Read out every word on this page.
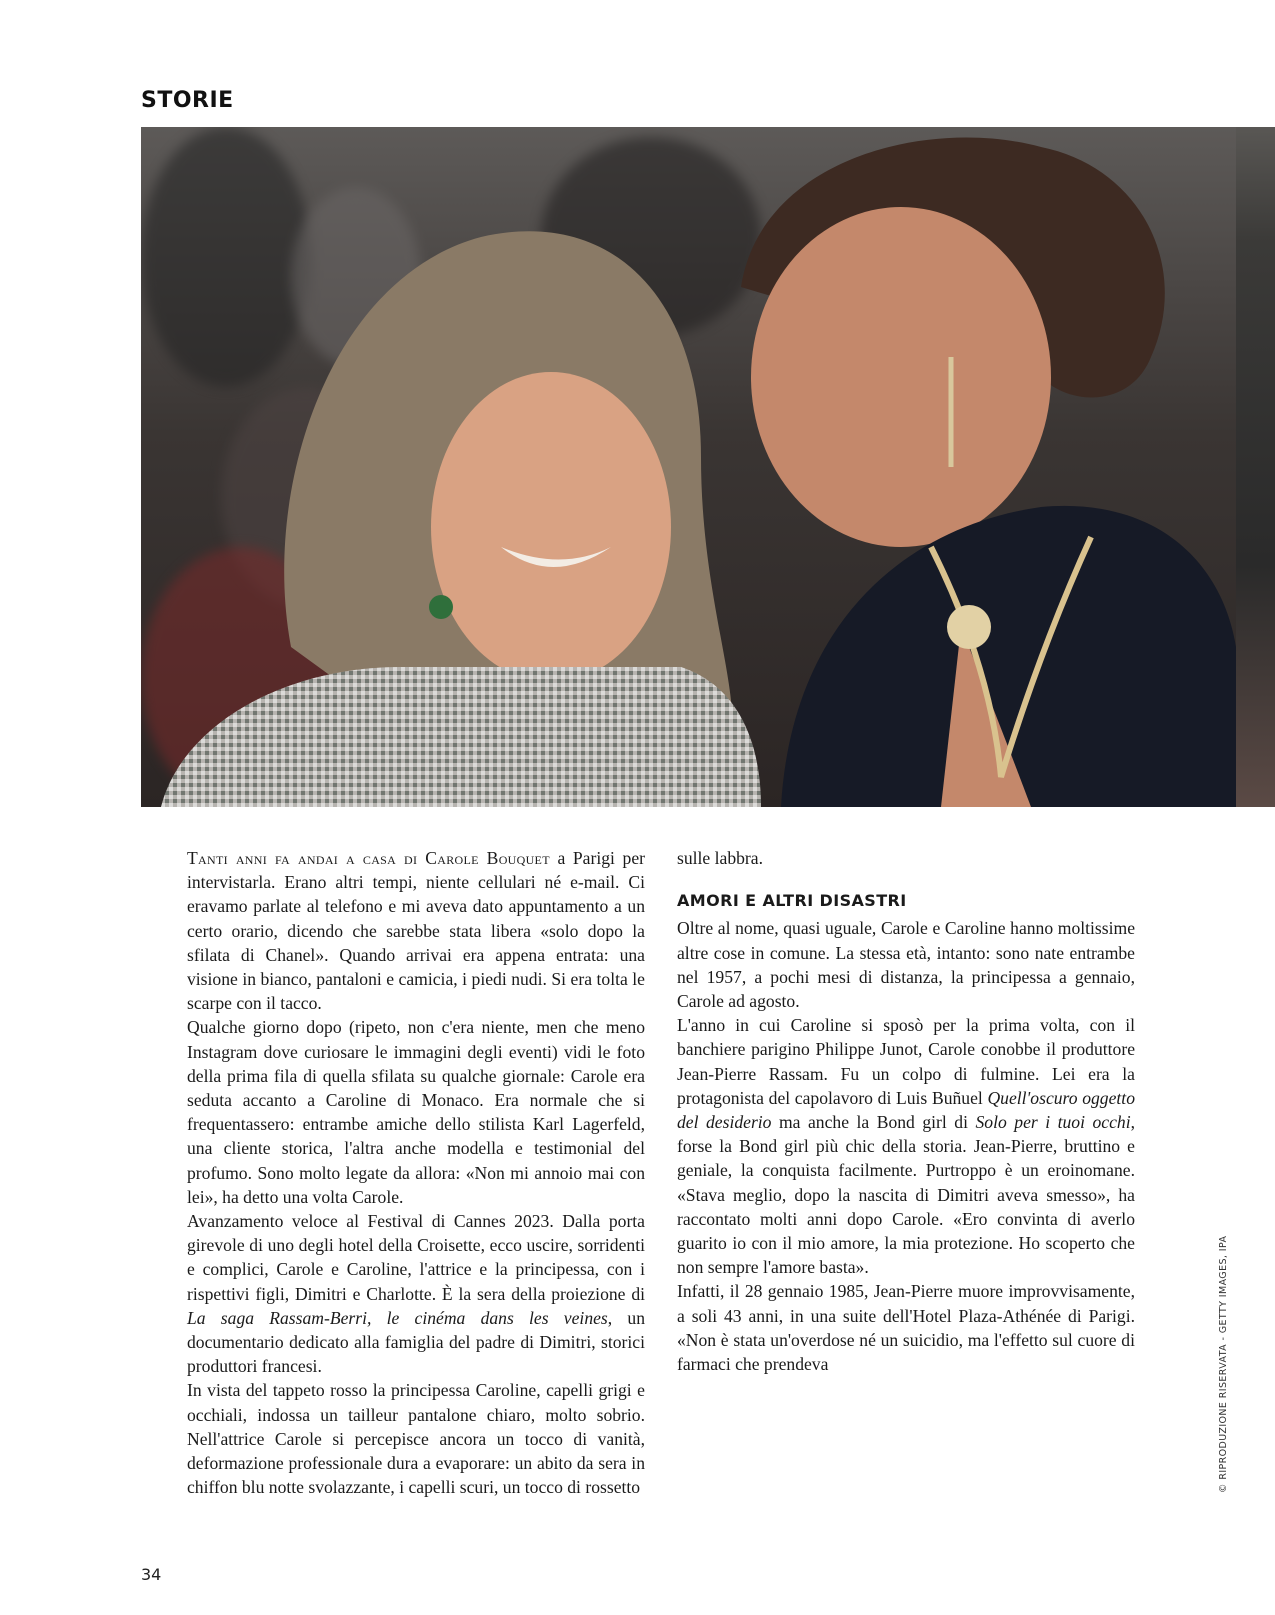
STORIE

Tanti anni fa andai a casa di Carole Bouquet a Parigi per intervistarla. Erano altri tempi, niente cellulari né e-mail. Ci eravamo parlate al telefono e mi aveva dato appuntamento a un certo orario, dicendo che sarebbe stata libera «solo dopo la sfilata di Chanel». Quando arrivai era appena entrata: una visione in bianco, pantaloni e camicia, i piedi nudi. Si era tolta le scarpe con il tacco.

Qualche giorno dopo (ripeto, non c'era niente, men che meno Instagram dove curiosare le immagini degli eventi) vidi le foto della prima fila di quella sfilata su qualche giornale: Carole era seduta accanto a Caroline di Monaco. Era normale che si frequentassero: entrambe amiche dello stilista Karl Lagerfeld, una cliente storica, l'altra anche modella e testimonial del profumo. Sono molto legate da allora: «Non mi annoio mai con lei», ha detto una volta Carole.

Avanzamento veloce al Festival di Cannes 2023. Dalla porta girevole di uno degli hotel della Croisette, ecco uscire, sorridenti e complici, Carole e Caroline, l'attrice e la principessa, con i rispettivi figli, Dimitri e Charlotte. È la sera della proiezione di La saga Rassam-Berri, le cinéma dans les veines, un documentario dedicato alla famiglia del padre di Dimitri, storici produttori francesi.

In vista del tappeto rosso la principessa Caroline, capelli grigi e occhiali, indossa un tailleur pantalone chiaro, molto sobrio. Nell'attrice Carole si percepisce ancora un tocco di vanità, deformazione professionale dura a evaporare: un abito da sera in chiffon blu notte svolazzante, i capelli scuri, un tocco di rossetto

sulle labbra.

AMORI E ALTRI DISASTRI

Oltre al nome, quasi uguale, Carole e Caroline hanno moltissime altre cose in comune. La stessa età, intanto: sono nate entrambe nel 1957, a pochi mesi di distanza, la principessa a gennaio, Carole ad agosto.

L'anno in cui Caroline si sposò per la prima volta, con il banchiere parigino Philippe Junot, Carole conobbe il produttore Jean-Pierre Rassam. Fu un colpo di fulmine. Lei era la protagonista del capolavoro di Luis Buñuel Quell'oscuro oggetto del desiderio ma anche la Bond girl di Solo per i tuoi occhi, forse la Bond girl più chic della storia. Jean-Pierre, bruttino e geniale, la conquista facilmente. Purtroppo è un eroinomane. «Stava meglio, dopo la nascita di Dimitri aveva smesso», ha raccontato molti anni dopo Carole. «Ero convinta di averlo guarito io con il mio amore, la mia protezione. Ho scoperto che non sempre l'amore basta».

Infatti, il 28 gennaio 1985, Jean-Pierre muore improvvisamente, a soli 43 anni, in una suite dell'Hotel Plaza-Athénée di Parigi. «Non è stata un'overdose né un suicidio, ma l'effetto sul cuore di farmaci che prendeva	© RIPRODUZIONE RISERVATA - GETTY IMAGES, IPA
34
